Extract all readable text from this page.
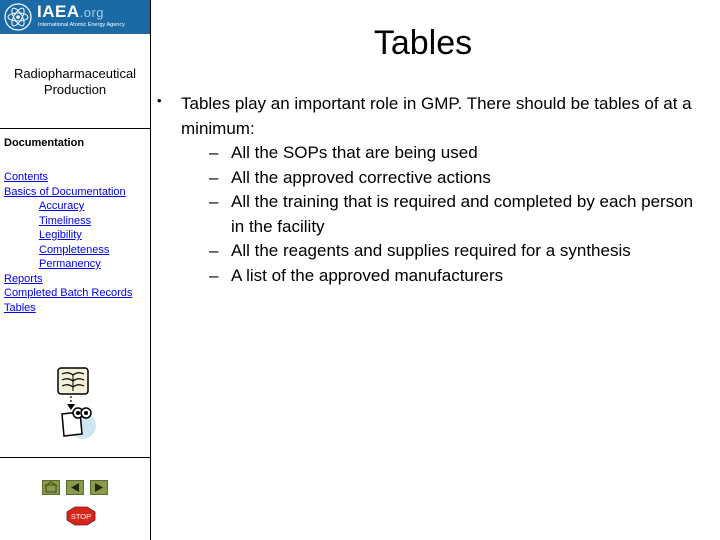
IAEA.org
International Atomic Energy Agency
Radiopharmaceutical
Production
Documentation
Contents
Basics of Documentation
Accuracy
Timeliness
Legibility
Completeness
Permanency
Reports
Completed Batch Records
Tables
STOP
Tables
• Tables play an important role in GMP. There should be tables of at a minimum:
– All the SOPs that are being used
– All the approved corrective actions
– All the training that is required and completed by each person in the facility
– All the reagents and supplies required for a synthesis
– A list of the approved manufacturers
